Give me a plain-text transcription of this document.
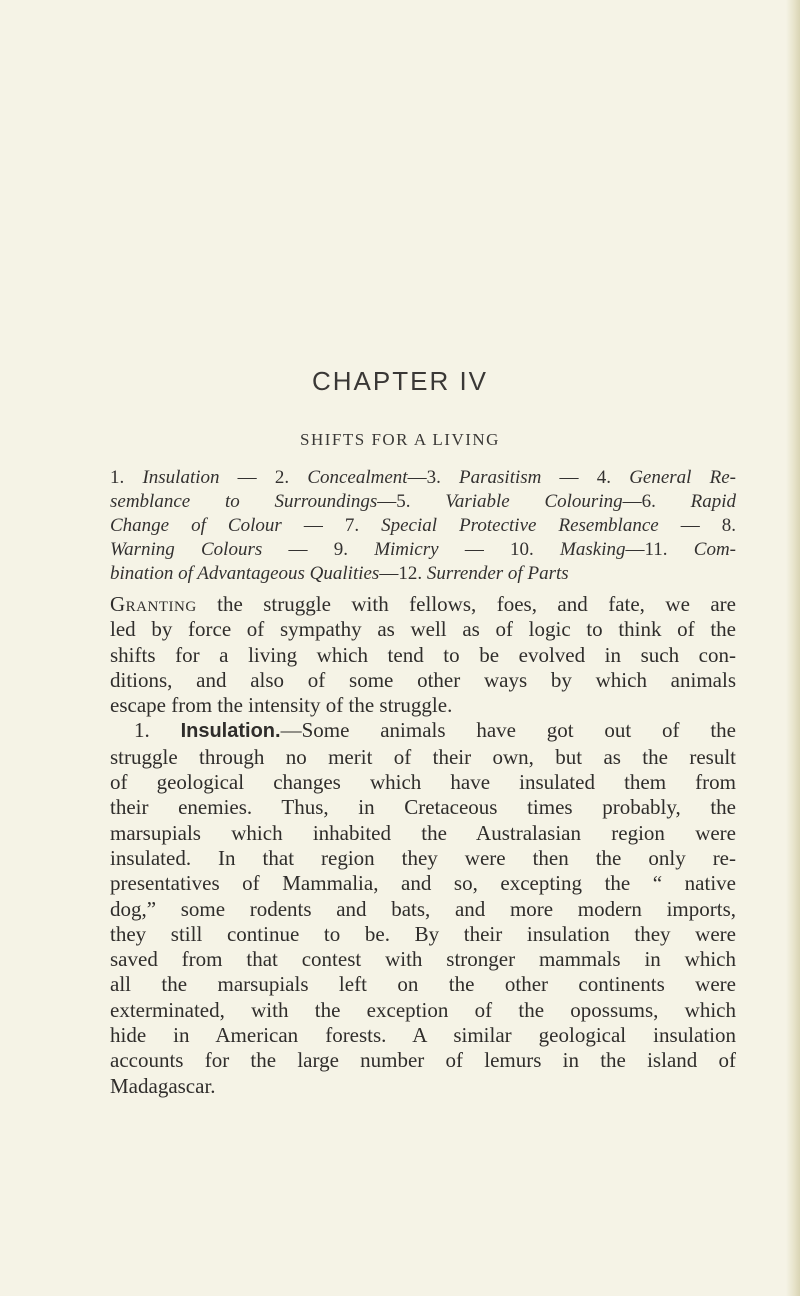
CHAPTER IV
SHIFTS FOR A LIVING
1. Insulation — 2. Concealment—3. Parasitism — 4. General Re-
semblance to Surroundings—5. Variable Colouring—6. Rapid
Change of Colour — 7. Special Protective Resemblance — 8.
Warning Colours — 9. Mimicry — 10. Masking—11. Com-
bination of Advantageous Qualities—12. Surrender of Parts
Granting the struggle with fellows, foes, and fate, we are
led by force of sympathy as well as of logic to think of the
shifts for a living which tend to be evolved in such con-
ditions, and also of some other ways by which animals
escape from the intensity of the struggle.
1. Insulation.—Some animals have got out of the
struggle through no merit of their own, but as the result
of geological changes which have insulated them from
their enemies. Thus, in Cretaceous times probably, the
marsupials which inhabited the Australasian region were
insulated. In that region they were then the only re-
presentatives of Mammalia, and so, excepting the “ native
dog,” some rodents and bats, and more modern imports,
they still continue to be. By their insulation they were
saved from that contest with stronger mammals in which
all the marsupials left on the other continents were
exterminated, with the exception of the opossums, which
hide in American forests. A similar geological insulation
accounts for the large number of lemurs in the island of
Madagascar.
